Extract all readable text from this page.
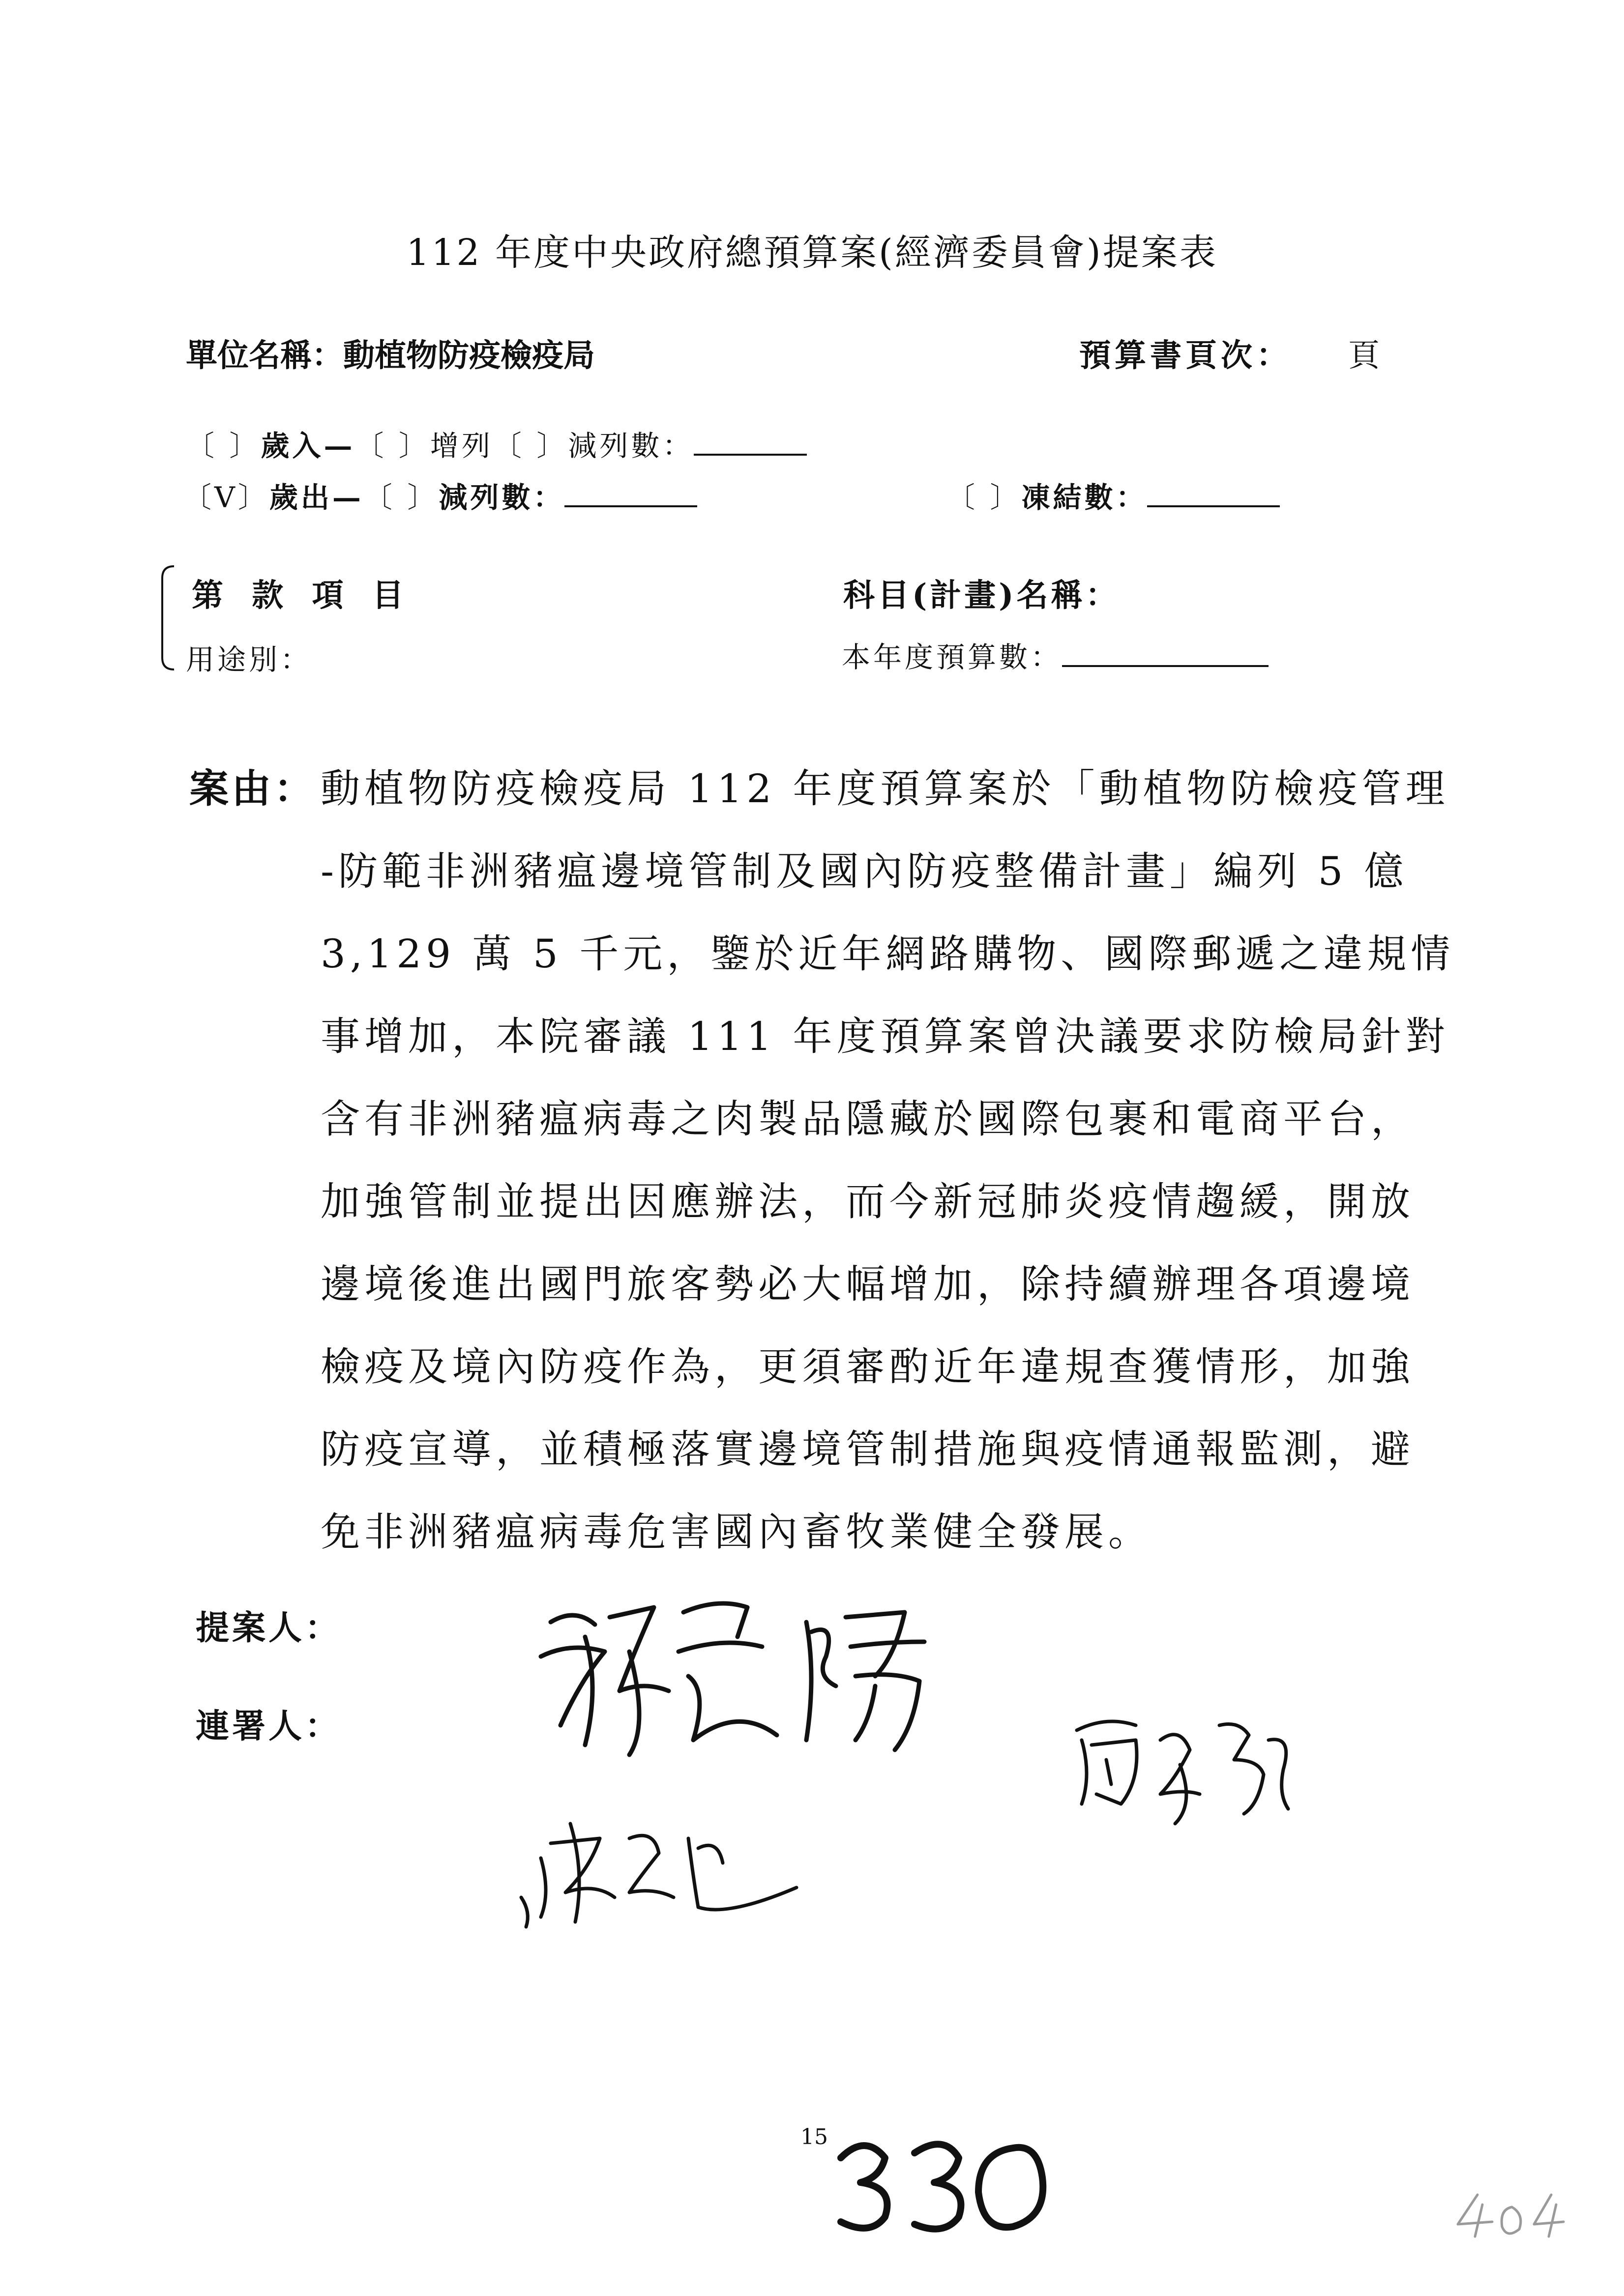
112 年度中央政府總預算案(經濟委員會)提案表
單位名稱：動植物防疫檢疫局	預算書頁次： 頁
〔 〕歲入—〔 〕增列〔 〕減列數：
〔V〕歲出—〔 〕減列數：	〔 〕凍結數：
第 款 項 目
用途別：
科目(計畫)名稱：
本年度預算數：
案由： 動植物防疫檢疫局 112 年度預算案於「動植物防檢疫管理
-防範非洲豬瘟邊境管制及國內防疫整備計畫」編列 5 億
3,129 萬 5 千元，鑒於近年網路購物、國際郵遞之違規情
事增加，本院審議 111 年度預算案曾決議要求防檢局針對
含有非洲豬瘟病毒之肉製品隱藏於國際包裹和電商平台，
加強管制並提出因應辦法，而今新冠肺炎疫情趨緩，開放
邊境後進出國門旅客勢必大幅增加，除持續辦理各項邊境
檢疫及境內防疫作為，更須審酌近年違規查獲情形，加強
防疫宣導，並積極落實邊境管制措施與疫情通報監測，避
免非洲豬瘟病毒危害國內畜牧業健全發展。
提案人：
連署人：
15
